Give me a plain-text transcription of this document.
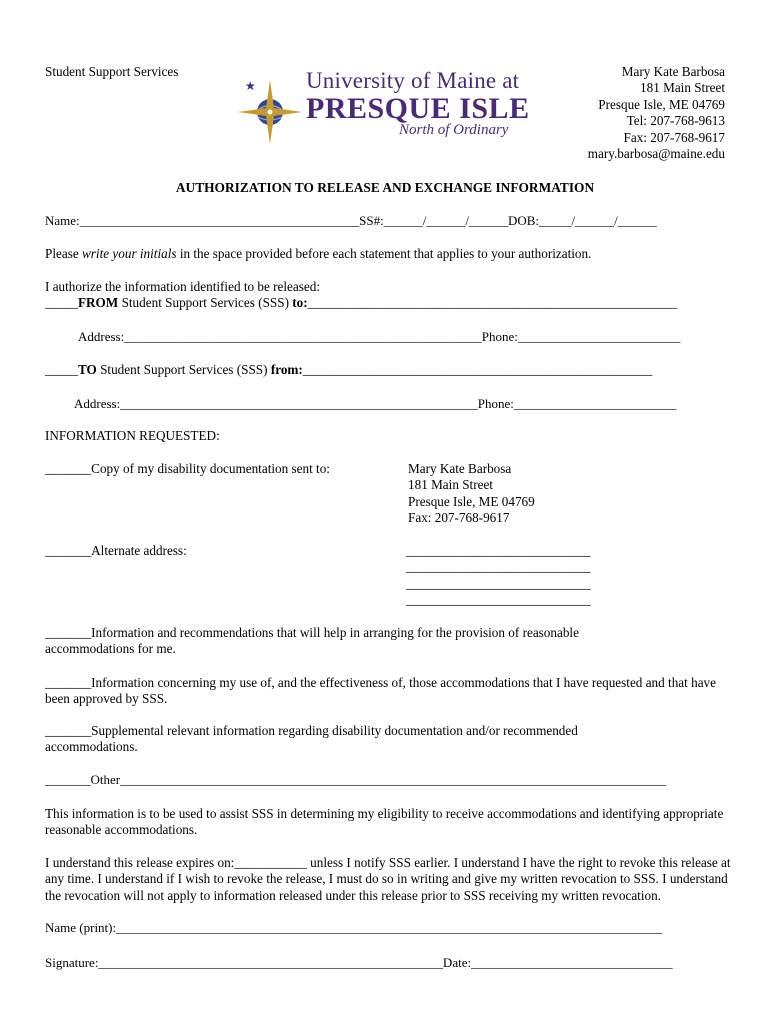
Student Support Services	University of Maine at
PRESQUE ISLE
North of Ordinary
Mary Kate Barbosa
181 Main Street
Presque Isle, ME 04769
Tel: 207-768-9613
Fax: 207-768-9617
mary.barbosa@maine.edu
AUTHORIZATION TO RELEASE AND EXCHANGE INFORMATION
Name:___________________________________________SS#:______/______/______DOB:_____/______/______
Please write your initials in the space provided before each statement that applies to your authorization.
I authorize the information identified to be released:
_____FROM Student Support Services (SSS) to:________________________________________________________
Address:_______________________________________________________Phone:_________________________
_____TO Student Support Services (SSS) from:_____________________________________________________
Address:_______________________________________________________Phone:_________________________
INFORMATION REQUESTED:
_______Copy of my disability documentation sent to:	Mary Kate Barbosa
181 Main Street
Presque Isle, ME 04769
Fax: 207-768-9617
_______Alternate address:	____________________________
____________________________
____________________________
____________________________
_______Information and recommendations that will help in arranging for the provision of reasonable accommodations for me.
_______Information concerning my use of, and the effectiveness of, those accommodations that I have requested and that have been approved by SSS.
_______Supplemental relevant information regarding disability documentation and/or recommended accommodations.
_______Other____________________________________________________________________________________
This information is to be used to assist SSS in determining my eligibility to receive accommodations and identifying appropriate reasonable accommodations.
I understand this release expires on:___________ unless I notify SSS earlier. I understand I have the right to revoke this release at any time. I understand if I wish to revoke the release, I must do so in writing and give my written revocation to SSS. I understand the revocation will not apply to information released under this release prior to SSS receiving my written revocation.
Name (print):____________________________________________________________________________________
Signature:_____________________________________________________Date:_______________________________
